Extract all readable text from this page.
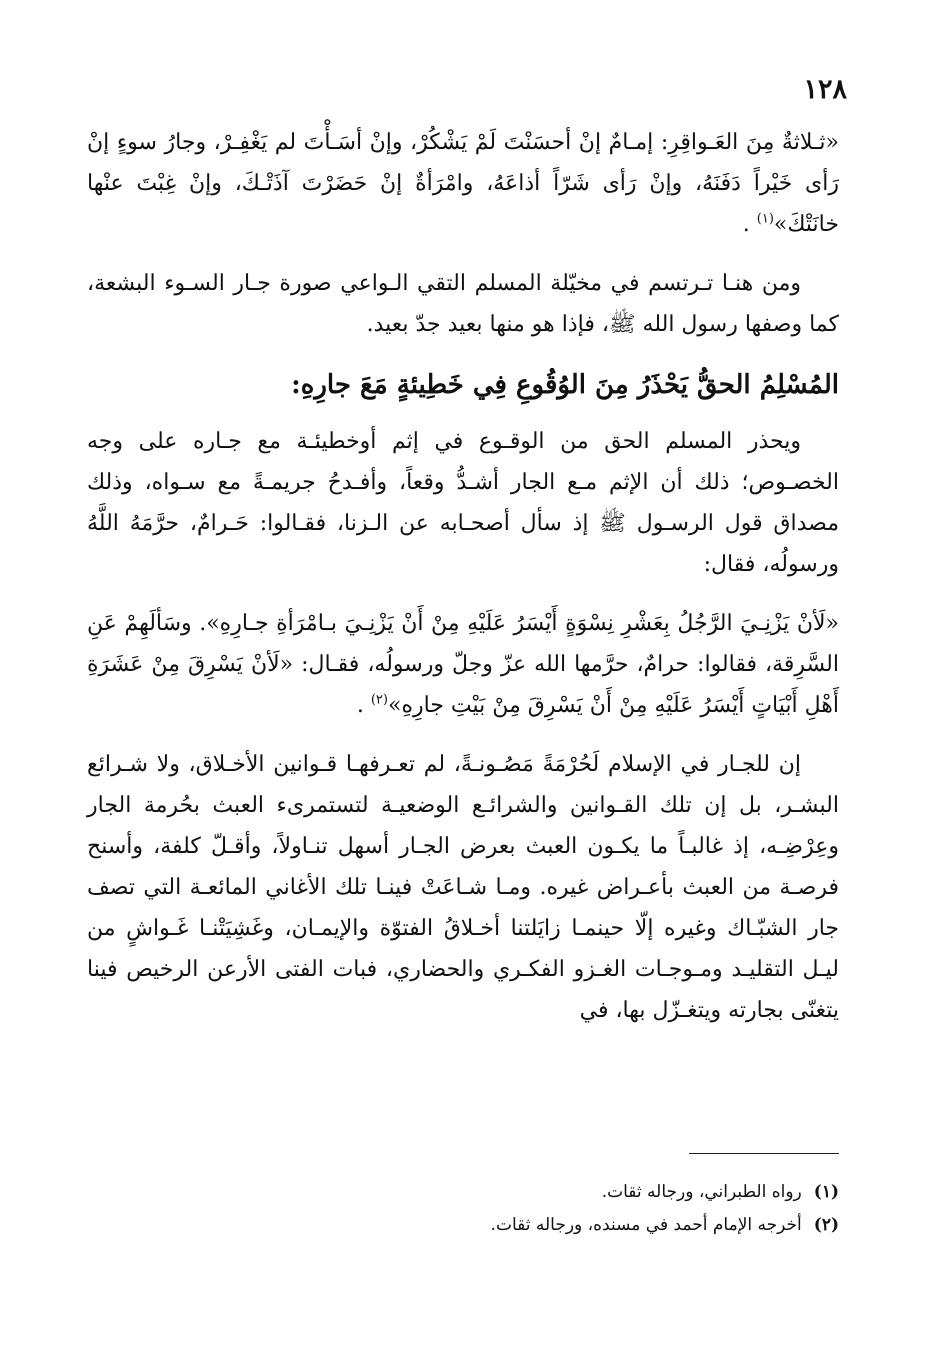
١٢٨

«ثـلاثةٌ مِنَ العَـواقِرِ: إمـامٌ إنْ أحسَنْتَ لَمْ يَشْكُرْ، وإنْ أسَـأْتَ لم يَغْفِـرْ، وجارُ سوءٍ إنْ رَأى خَيْراً دَفَنَهُ، وإنْ رَأى شَرّاً أذاعَهُ، وامْرَأةٌ إنْ حَضَرْتَ آذَتْـكَ، وإنْ غِبْتَ عنْها خانَتْكَ»$^{(١)}$ .

ومن هنـا تـرتسم في مخيّلة المسلم التقي الـواعي صورة جـار السـوء البشعة، كما وصفها رسول الله ﷺ، فإذا هو منها بعيد جدّ بعيد.

المُسْلِمُ الحقُّ يَحْذَرُ مِنَ الوُقُوعِ فِي خَطِيئةٍ مَعَ جارِهِ:

ويحذر المسلم الحق من الوقـوع في إثم أوخطيئـة مع جـاره على وجه الخصـوص؛ ذلك أن الإثم مـع الجار أشـدُّ وقعاً، وأفـدحُ جريمـةً مع سـواه، وذلك مصداق قول الرسـول ﷺ إذ سأل أصحـابه عن الـزنا، فقـالوا: حَـرامٌ، حرَّمَهُ اللَّهُ ورسولُه، فقال:

«لَأنْ يَزْنِـيَ الرَّجُلُ بِعَشْرِ نِسْوَةٍ أَيْسَرُ عَلَيْهِ مِنْ أَنْ يَزْنِـيَ بـامْرَأةِ جـارِهِ». وسَألَهِمْ عَنِ السَّرِقة، فقالوا: حرامٌ، حرَّمها الله عزّ وجلّ ورسولُه، فقـال: «لَأنْ يَسْرِقَ مِنْ عَشَرَةِ أَهْلِ أَبْيَاتٍ أَيْسَرُ عَلَيْهِ مِنْ أَنْ يَسْرِقَ مِنْ بَيْتِ جارِهِ»$^{(٢)}$ .

إن للجـار في الإسلام لَحُرْمَةً مَصُـونـةً، لم تعـرفهـا قـوانين الأخـلاق، ولا شـرائع البشـر، بل إن تلك القـوانين والشرائـع الوضعيـة لتستمرىء العبث بحُرمة الجار وعِرْضِـه، إذ غالبـاً ما يكـون العبث بعرض الجـار أسهل تنـاولاً، وأقـلّ كلفة، وأسنح فرصـة من العبث بأعـراض غيره. ومـا شـاعَتْ فينـا تلك الأغاني المائعـة التي تصف جار الشبّـاك وغيره إلّا حينمـا زايَلتنا أخـلاقُ الفتوّة والإيمـان، وغَشِيَتْنـا غَـواشٍ من ليـل التقليـد ومـوجـات الغـزو الفكـري والحضاري، فبات الفتى الأرعن الرخيص فينا يتغنّى بجارته ويتغـزّل بها، في

(١)رواه الطبراني، ورجاله ثقات.

(٢)أخرجه الإمام أحمد في مسنده، ورجاله ثقات.
